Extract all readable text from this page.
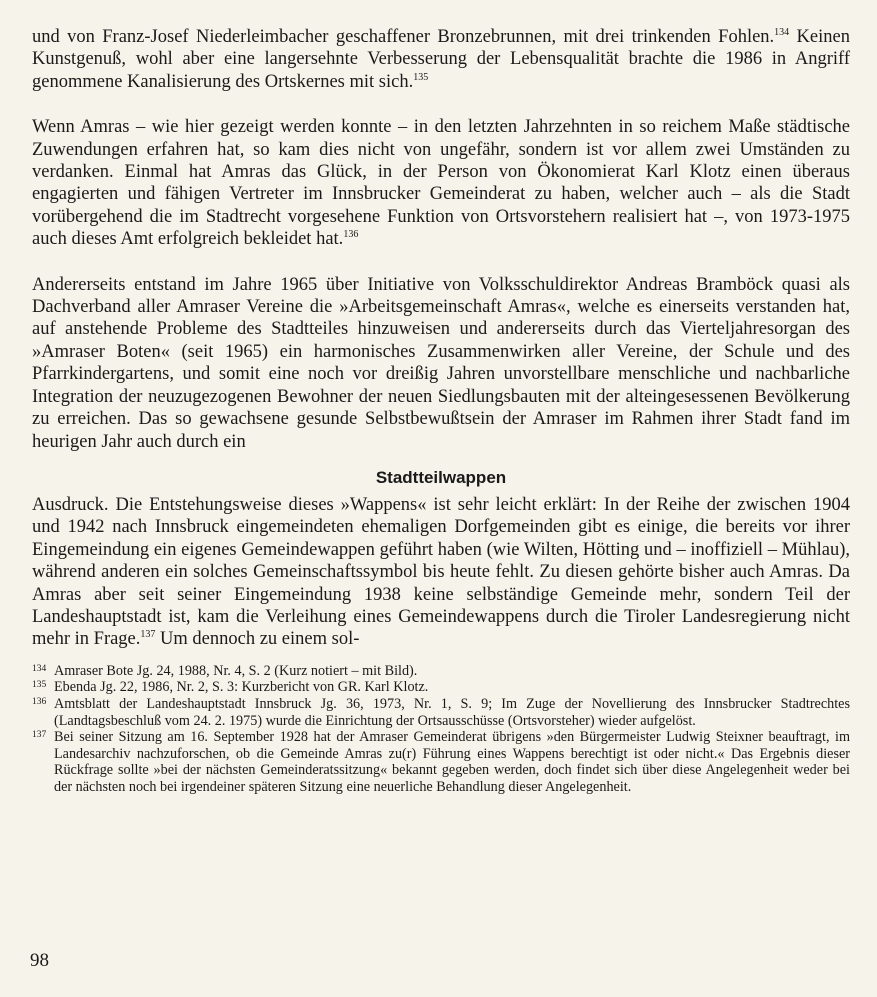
und von Franz-Josef Niederleimbacher geschaffener Bronzebrunnen, mit drei trinkenden Fohlen.$^{134}$ Keinen Kunstgenuß, wohl aber eine langersehnte Verbesserung der Lebensqualität brachte die 1986 in Angriff genommene Kanalisierung des Ortskernes mit sich.$^{135}$

Wenn Amras – wie hier gezeigt werden konnte – in den letzten Jahrzehnten in so reichem Maße städtische Zuwendungen erfahren hat, so kam dies nicht von ungefähr, sondern ist vor allem zwei Umständen zu verdanken. Einmal hat Amras das Glück, in der Person von Ökonomierat Karl Klotz einen überaus engagierten und fähigen Vertreter im Innsbrucker Gemeinderat zu haben, welcher auch – als die Stadt vorübergehend die im Stadtrecht vorgesehene Funktion von Ortsvorstehern realisiert hat –, von 1973-1975 auch dieses Amt erfolgreich bekleidet hat.$^{136}$

Andererseits entstand im Jahre 1965 über Initiative von Volksschuldirektor Andreas Bramböck quasi als Dachverband aller Amraser Vereine die »Arbeitsgemeinschaft Amras«, welche es einerseits verstanden hat, auf anstehende Probleme des Stadtteiles hinzuweisen und andererseits durch das Vierteljahresorgan des »Amraser Boten« (seit 1965) ein harmonisches Zusammenwirken aller Vereine, der Schule und des Pfarrkindergartens, und somit eine noch vor dreißig Jahren unvorstellbare menschliche und nachbarliche Integration der neuzugezogenen Bewohner der neuen Siedlungsbauten mit der alteingesessenen Bevölkerung zu erreichen. Das so gewachsene gesunde Selbstbewußtsein der Amraser im Rahmen ihrer Stadt fand im heurigen Jahr auch durch ein

Stadtteilwappen

Ausdruck. Die Entstehungsweise dieses »Wappens« ist sehr leicht erklärt: In der Reihe der zwischen 1904 und 1942 nach Innsbruck eingemeindeten ehemaligen Dorfgemeinden gibt es einige, die bereits vor ihrer Eingemeindung ein eigenes Gemeindewappen geführt haben (wie Wilten, Hötting und – inoffiziell – Mühlau), während anderen ein solches Gemeinschaftssymbol bis heute fehlt. Zu diesen gehörte bisher auch Amras. Da Amras aber seit seiner Eingemeindung 1938 keine selbständige Gemeinde mehr, sondern Teil der Landeshauptstadt ist, kam die Verleihung eines Gemeindewappens durch die Tiroler Landesregierung nicht mehr in Frage.$^{137}$ Um dennoch zu einem sol-

134 Amraser Bote Jg. 24, 1988, Nr. 4, S. 2 (Kurz notiert – mit Bild).
135 Ebenda Jg. 22, 1986, Nr. 2, S. 3: Kurzbericht von GR. Karl Klotz.
136 Amtsblatt der Landeshauptstadt Innsbruck Jg. 36, 1973, Nr. 1, S. 9; Im Zuge der Novellierung des Innsbrucker Stadtrechtes (Landtagsbeschluß vom 24. 2. 1975) wurde die Einrichtung der Ortsausschüsse (Ortsvorsteher) wieder aufgelöst.
137 Bei seiner Sitzung am 16. September 1928 hat der Amraser Gemeinderat übrigens »den Bürgermeister Ludwig Steixner beauftragt, im Landesarchiv nachzuforschen, ob die Gemeinde Amras zu(r) Führung eines Wappens berechtigt ist oder nicht.« Das Ergebnis dieser Rückfrage sollte »bei der nächsten Gemeinderatssitzung« bekannt gegeben werden, doch findet sich über diese Angelegenheit weder bei der nächsten noch bei irgendeiner späteren Sitzung eine neuerliche Behandlung dieser Angelegenheit.
98
